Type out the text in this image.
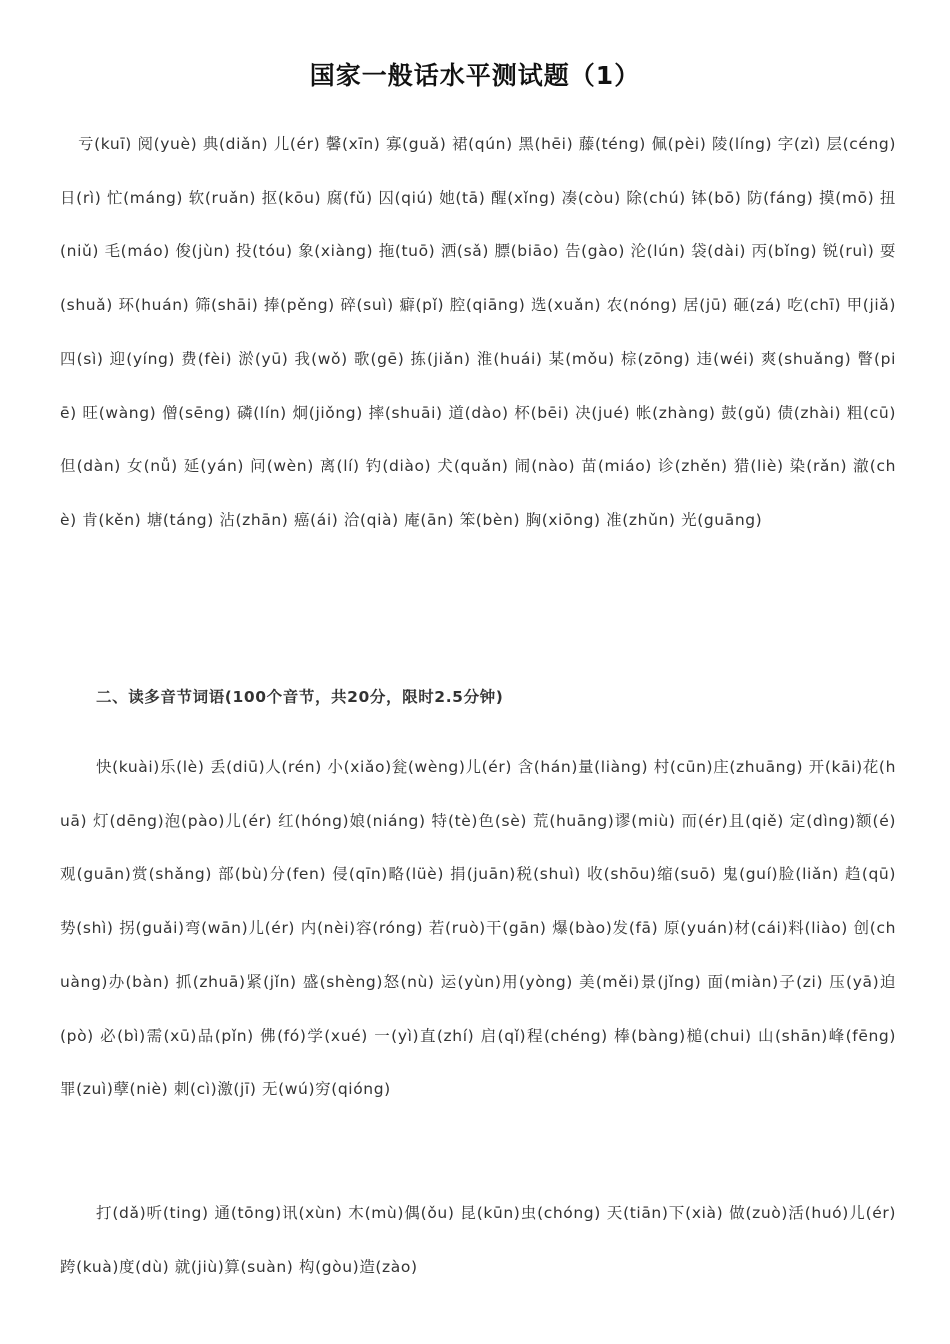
国家一般话水平测试题（1）
亏(kuī) 阅(yuè) 典(diǎn) 儿(ér) 馨(xīn) 寡(guǎ) 裙(qún) 黑(hēi) 藤(téng) 佩(pèi) 陵(líng) 字(zì) 层(céng) 日(rì) 忙(máng) 软(ruǎn) 抠(kōu) 腐(fǔ) 囚(qiú) 她(tā) 醒(xǐng) 凑(còu) 除(chú) 钵(bō) 防(fáng) 摸(mō) 扭(niǔ) 毛(máo) 俊(jùn) 投(tóu) 象(xiàng) 拖(tuō) 洒(sǎ) 膘(biāo) 告(gào) 沦(lún) 袋(dài) 丙(bǐng) 锐(ruì) 耍(shuǎ) 环(huán) 筛(shāi) 捧(pěng) 碎(suì) 癖(pǐ) 腔(qiāng) 选(xuǎn) 农(nóng) 居(jū) 砸(zá) 吃(chī) 甲(jiǎ) 四(sì) 迎(yíng) 费(fèi) 淤(yū) 我(wǒ) 歌(gē) 拣(jiǎn) 淮(huái) 某(mǒu) 棕(zōng) 违(wéi) 爽(shuǎng) 瞥(piē) 旺(wàng) 僧(sēng) 磷(lín) 炯(jiǒng) 摔(shuāi) 道(dào) 杯(bēi) 决(jué) 帐(zhàng) 鼓(gǔ) 债(zhài) 粗(cū) 但(dàn) 女(nǚ) 延(yán) 问(wèn) 离(lí) 钓(diào) 犬(quǎn) 闹(nào) 苗(miáo) 诊(zhěn) 猎(liè) 染(rǎn) 澈(chè) 肯(kěn) 塘(táng) 沾(zhān) 癌(ái) 洽(qià) 庵(ān) 笨(bèn) 胸(xiōng) 准(zhǔn) 光(guāng)
二、读多音节词语(100个音节，共20分，限时2.5分钟)
快(kuài)乐(lè) 丢(diū)人(rén) 小(xiǎo)瓮(wèng)儿(ér) 含(hán)量(liàng) 村(cūn)庄(zhuāng) 开(kāi)花(huā) 灯(dēng)泡(pào)儿(ér) 红(hóng)娘(niáng) 特(tè)色(sè) 荒(huāng)谬(miù) 而(ér)且(qiě) 定(dìng)额(é) 观(guān)赏(shǎng) 部(bù)分(fen) 侵(qīn)略(lüè) 捐(juān)税(shuì) 收(shōu)缩(suō) 鬼(guí)脸(liǎn) 趋(qū)势(shì) 拐(guǎi)弯(wān)儿(ér) 内(nèi)容(róng) 若(ruò)干(gān) 爆(bào)发(fā) 原(yuán)材(cái)料(liào) 创(chuàng)办(bàn) 抓(zhuā)紧(jǐn) 盛(shèng)怒(nù) 运(yùn)用(yòng) 美(měi)景(jǐng) 面(miàn)子(zi) 压(yā)迫(pò) 必(bì)需(xū)品(pǐn) 佛(fó)学(xué) 一(yì)直(zhí) 启(qǐ)程(chéng) 棒(bàng)槌(chui) 山(shān)峰(fēng) 罪(zuì)孽(niè) 刺(cì)激(jī) 无(wú)穷(qióng)
打(dǎ)听(ting) 通(tōng)讯(xùn) 木(mù)偶(ǒu) 昆(kūn)虫(chóng) 天(tiān)下(xià) 做(zuò)活(huó)儿(ér) 跨(kuà)度(dù) 就(jiù)算(suàn) 构(gòu)造(zào)
